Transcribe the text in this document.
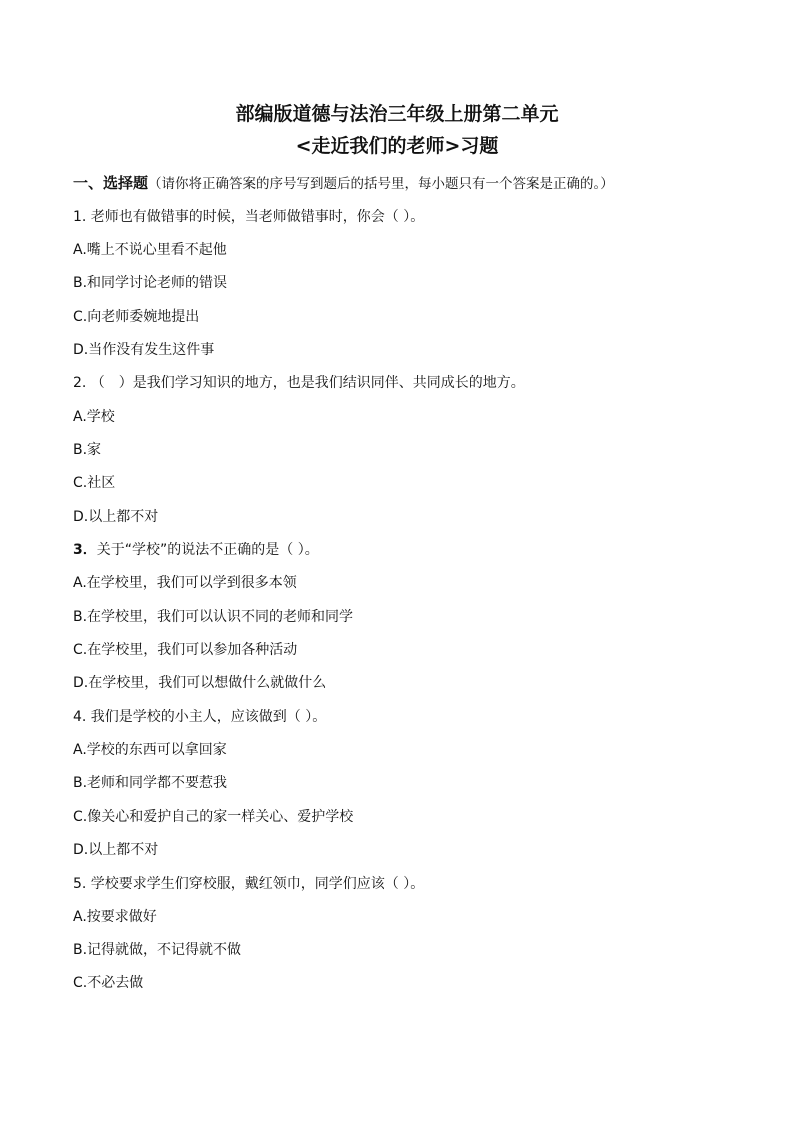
部编版道德与法治三年级上册第二单元
<走近我们的老师>习题
一、选择题（请你将正确答案的序号写到题后的括号里，每小题只有一个答案是正确的。）
1. 老师也有做错事的时候，当老师做错事时，你会（ ）。
A.嘴上不说心里看不起他
B.和同学讨论老师的错误
C.向老师委婉地提出
D.当作没有发生这件事
2. （　）是我们学习知识的地方，也是我们结识同伴、共同成长的地方。
A.学校
B.家
C.社区
D.以上都不对
3．关于“学校”的说法不正确的是（ ）。
A.在学校里，我们可以学到很多本领
B.在学校里，我们可以认识不同的老师和同学
C.在学校里，我们可以参加各种活动
D.在学校里，我们可以想做什么就做什么
4. 我们是学校的小主人，应该做到（ ）。
A.学校的东西可以拿回家
B.老师和同学都不要惹我
C.像关心和爱护自己的家一样关心、爱护学校
D.以上都不对
5. 学校要求学生们穿校服，戴红领巾，同学们应该（ ）。
A.按要求做好
B.记得就做，不记得就不做
C.不必去做
